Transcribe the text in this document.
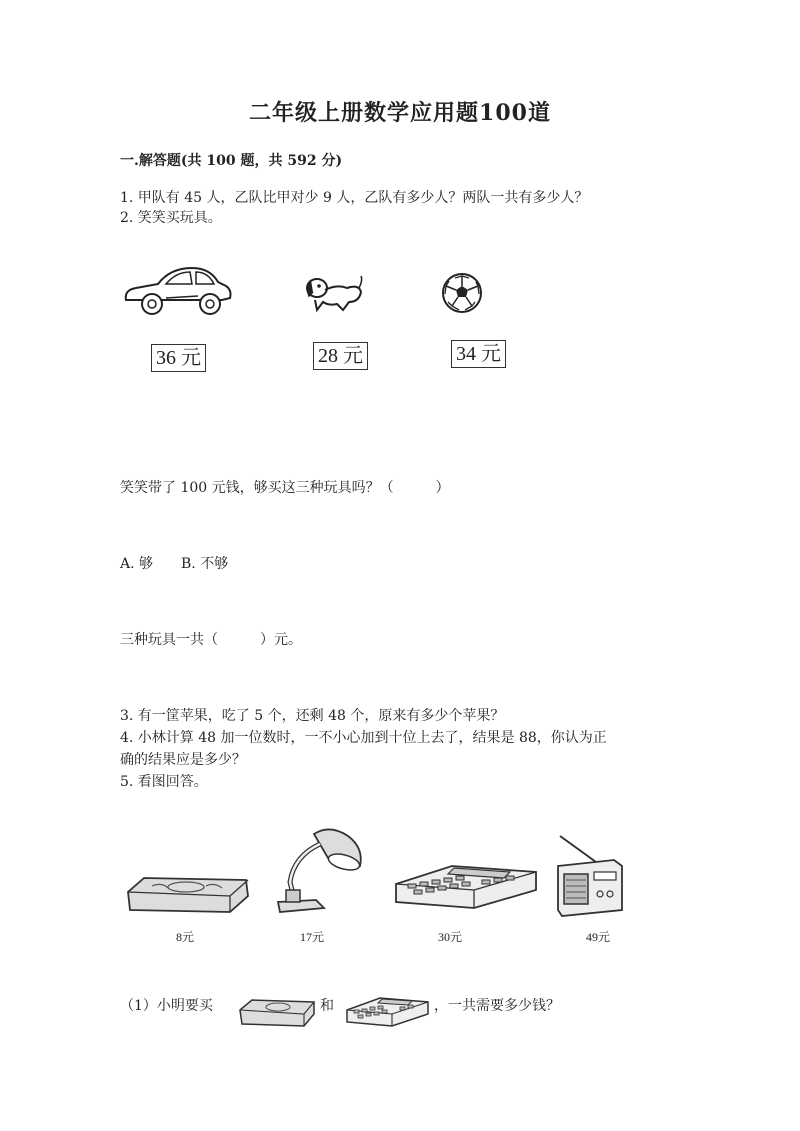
二年级上册数学应用题100道
一.解答题(共 100 题，共 592 分)
1. 甲队有 45 人，乙队比甲对少 9 人，乙队有多少人？两队一共有多少人？
2. 笑笑买玩具。
36 元	28 元	34 元
笑笑带了 100 元钱，够买这三种玩具吗？（　　　）
A. 够　　B. 不够
三种玩具一共（　　　）元。
3. 有一筐苹果，吃了 5 个，还剩 48 个，原来有多少个苹果？
4. 小林计算 48 加一位数时，一不小心加到十位上去了，结果是 88，你认为正
确的结果应是多少？
5. 看图回答。
8元	17元	30元	49元
（1）小明要买	和	，一共需要多少钱？
